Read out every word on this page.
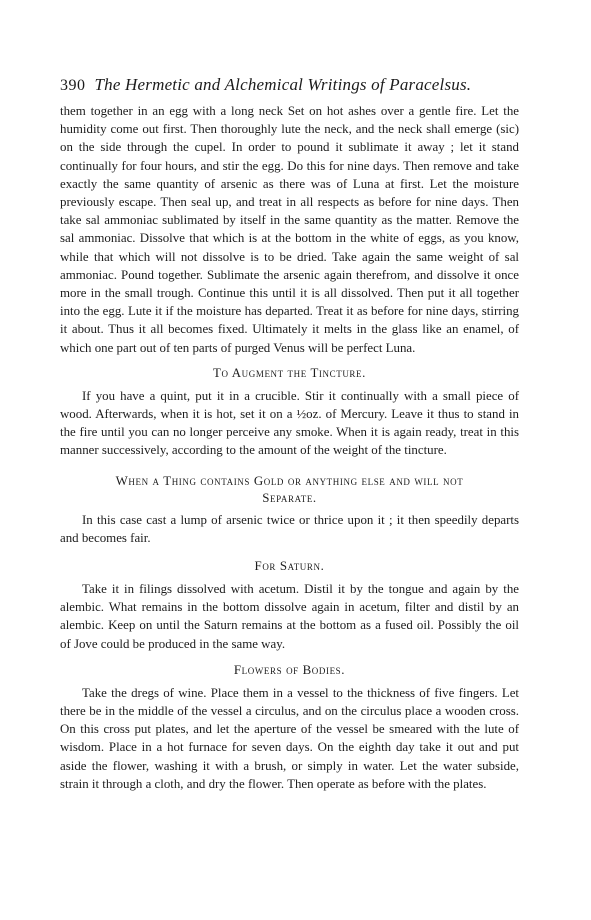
390 The Hermetic and Alchemical Writings of Paracelsus.

them together in an egg with a long neck Set on hot ashes over a gentle fire. Let the humidity come out first. Then thoroughly lute the neck, and the neck shall emerge (sic) on the side through the cupel. In order to pound it sublimate it away ; let it stand continually for four hours, and stir the egg. Do this for nine days. Then remove and take exactly the same quantity of arsenic as there was of Luna at first. Let the moisture previously escape. Then seal up, and treat in all respects as before for nine days. Then take sal ammoniac sublimated by itself in the same quantity as the matter. Remove the sal ammoniac. Dissolve that which is at the bottom in the white of eggs, as you know, while that which will not dissolve is to be dried. Take again the same weight of sal ammoniac. Pound together. Sublimate the arsenic again therefrom, and dissolve it once more in the small trough. Continue this until it is all dissolved. Then put it all together into the egg. Lute it if the moisture has departed. Treat it as before for nine days, stirring it about. Thus it all becomes fixed. Ultimately it melts in the glass like an enamel, of which one part out of ten parts of purged Venus will be perfect Luna.

To Augment the Tincture.

If you have a quint, put it in a crucible. Stir it continually with a small piece of wood. Afterwards, when it is hot, set it on a ½oz. of Mercury. Leave it thus to stand in the fire until you can no longer perceive any smoke. When it is again ready, treat in this manner successively, according to the amount of the weight of the tincture.

When a Thing contains Gold or anything else and will not
Separate.

In this case cast a lump of arsenic twice or thrice upon it ; it then speedily departs and becomes fair.

For Saturn.

Take it in filings dissolved with acetum. Distil it by the tongue and again by the alembic. What remains in the bottom dissolve again in acetum, filter and distil by an alembic. Keep on until the Saturn remains at the bottom as a fused oil. Possibly the oil of Jove could be produced in the same way.

Flowers of Bodies.

Take the dregs of wine. Place them in a vessel to the thickness of five fingers. Let there be in the middle of the vessel a circulus, and on the circulus place a wooden cross. On this cross put plates, and let the aperture of the vessel be smeared with the lute of wisdom. Place in a hot furnace for seven days. On the eighth day take it out and put aside the flower, washing it with a brush, or simply in water. Let the water subside, strain it through a cloth, and dry the flower. Then operate as before with the plates.
